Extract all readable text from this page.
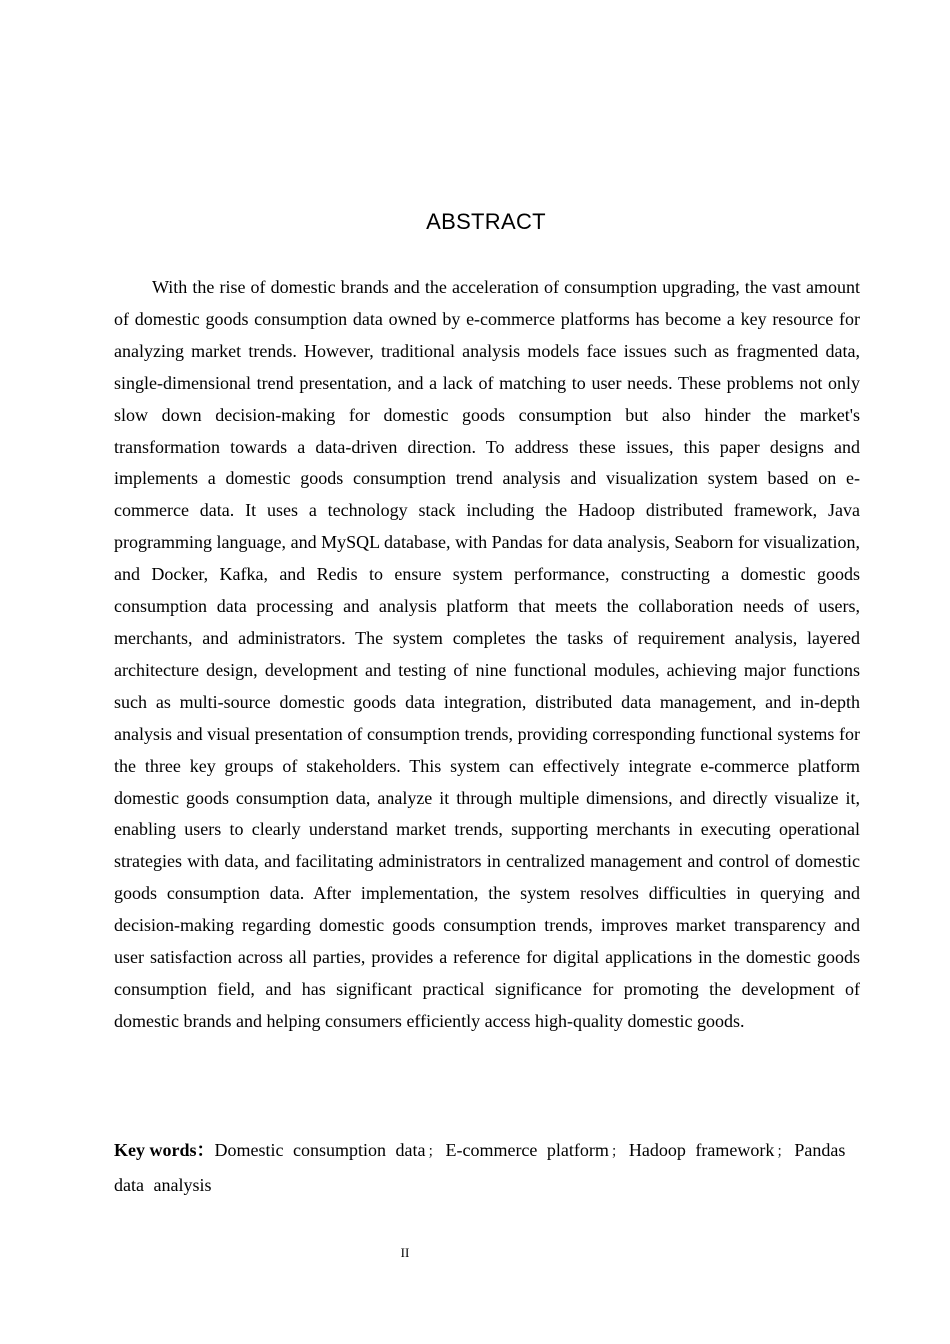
ABSTRACT

With the rise of domestic brands and the acceleration of consumption upgrading, the vast amount of domestic goods consumption data owned by e-commerce platforms has become a key resource for analyzing market trends. However, traditional analysis models face issues such as fragmented data, single-dimensional trend presentation, and a lack of matching to user needs. These problems not only slow down decision-making for domestic goods consumption but also hinder the market's transformation towards a data-driven direction. To address these issues, this paper designs and implements a domestic goods consumption trend analysis and visualization system based on e-commerce data. It uses a technology stack including the Hadoop distributed framework, Java programming language, and MySQL database, with Pandas for data analysis, Seaborn for visualization, and Docker, Kafka, and Redis to ensure system performance, constructing a domestic goods consumption data processing and analysis platform that meets the collaboration needs of users, merchants, and administrators. The system completes the tasks of requirement analysis, layered architecture design, development and testing of nine functional modules, achieving major functions such as multi-source domestic goods data integration, distributed data management, and in-depth analysis and visual presentation of consumption trends, providing corresponding functional systems for the three key groups of stakeholders. This system can effectively integrate e-commerce platform domestic goods consumption data, analyze it through multiple dimensions, and directly visualize it, enabling users to clearly understand market trends, supporting merchants in executing operational strategies with data, and facilitating administrators in centralized management and control of domestic goods consumption data. After implementation, the system resolves difficulties in querying and decision-making regarding domestic goods consumption trends, improves market transparency and user satisfaction across all parties, provides a reference for digital applications in the domestic goods consumption field, and has significant practical significance for promoting the development of domestic brands and helping consumers efficiently access high-quality domestic goods.

Key words：Domestic consumption data ； E-commerce platform ； Hadoop framework ； Pandas data analysis

II
